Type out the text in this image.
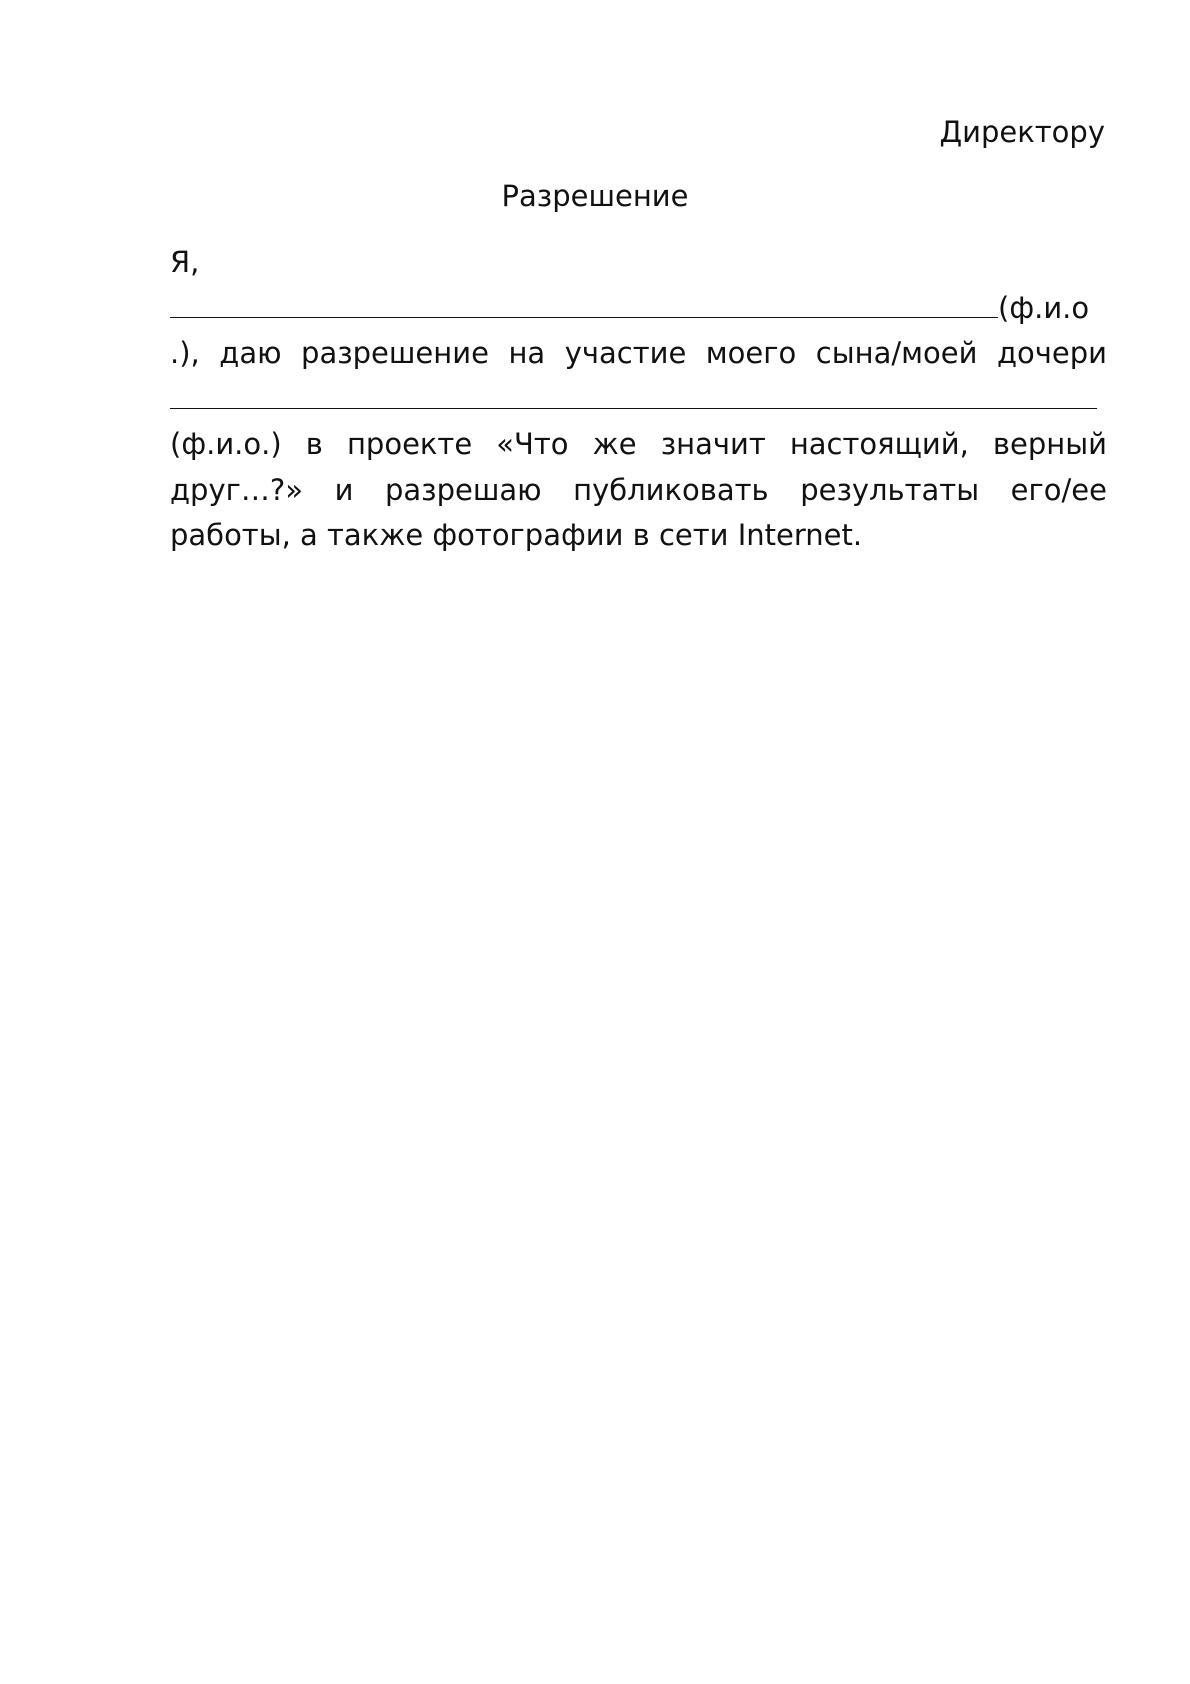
Директору

Разрешение
Я,
(ф.и.о
.), даю разрешение на участие моего сына/моей дочери
(ф.и.о.) в проекте «Что же значит настоящий, верный
друг…?» и разрешаю публиковать результаты его/ее
работы, а также фотографии в сети Internet.
